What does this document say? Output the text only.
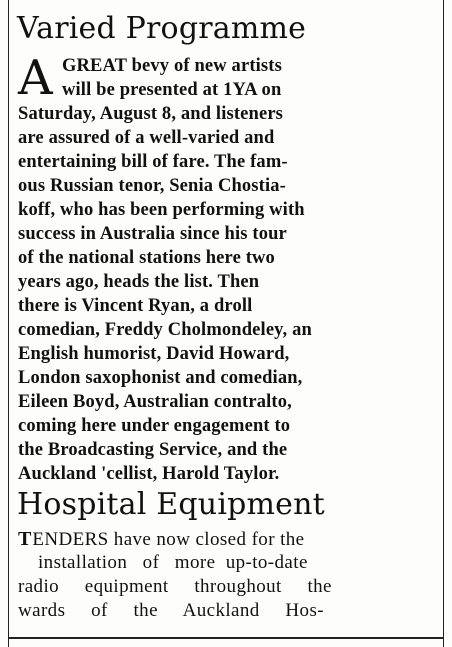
Varied Programme
A GREAT bevy of new artists
will be presented at 1YA on
Saturday, August 8, and listeners
are assured of a well-varied and
entertaining bill of fare. The fam-
ous Russian tenor, Senia Chostia-
koff, who has been performing with
success in Australia since his tour
of the national stations here two
years ago, heads the list. Then
there is Vincent Ryan, a droll
comedian, Freddy Cholmondeley, an
English humorist, David Howard,
London saxophonist and comedian,
Eileen Boyd, Australian contralto,
coming here under engagement to
the Broadcasting Service, and the
Auckland 'cellist, Harold Taylor.
Hospital Equipment
TENDERS have now closed for the
installation   of   more  up-to-date
radio     equipment     throughout     the
wards     of     the     Auckland     Hos-
